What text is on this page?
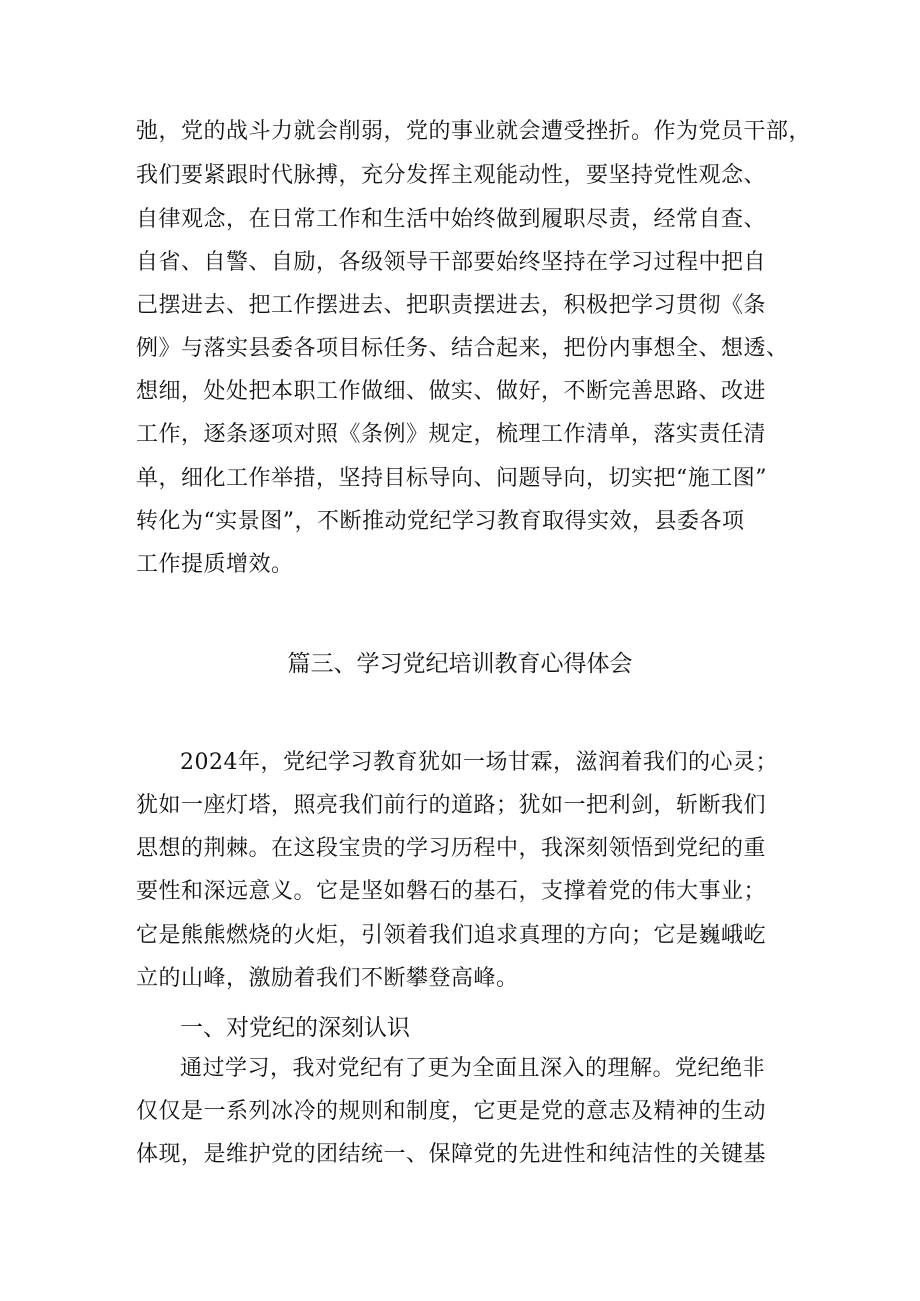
弛，党的战斗力就会削弱，党的事业就会遭受挫折。作为党员干部，
我们要紧跟时代脉搏，充分发挥主观能动性，要坚持党性观念、
自律观念，在日常工作和生活中始终做到履职尽责，经常自查、
自省、自警、自励，各级领导干部要始终坚持在学习过程中把自
己摆进去、把工作摆进去、把职责摆进去，积极把学习贯彻《条
例》与落实县委各项目标任务、结合起来，把份内事想全、想透、
想细，处处把本职工作做细、做实、做好，不断完善思路、改进
工作，逐条逐项对照《条例》规定，梳理工作清单，落实责任清
单，细化工作举措，坚持目标导向、问题导向，切实把“施工图”
转化为“实景图”，不断推动党纪学习教育取得实效，县委各项
工作提质增效。
篇三、学习党纪培训教育心得体会
2024年，党纪学习教育犹如一场甘霖，滋润着我们的心灵；
犹如一座灯塔，照亮我们前行的道路；犹如一把利剑，斩断我们
思想的荆棘。在这段宝贵的学习历程中，我深刻领悟到党纪的重
要性和深远意义。它是坚如磐石的基石，支撑着党的伟大事业；
它是熊熊燃烧的火炬，引领着我们追求真理的方向；它是巍峨屹
立的山峰，激励着我们不断攀登高峰。
一、对党纪的深刻认识
通过学习，我对党纪有了更为全面且深入的理解。党纪绝非
仅仅是一系列冰冷的规则和制度，它更是党的意志及精神的生动
体现，是维护党的团结统一、保障党的先进性和纯洁性的关键基
